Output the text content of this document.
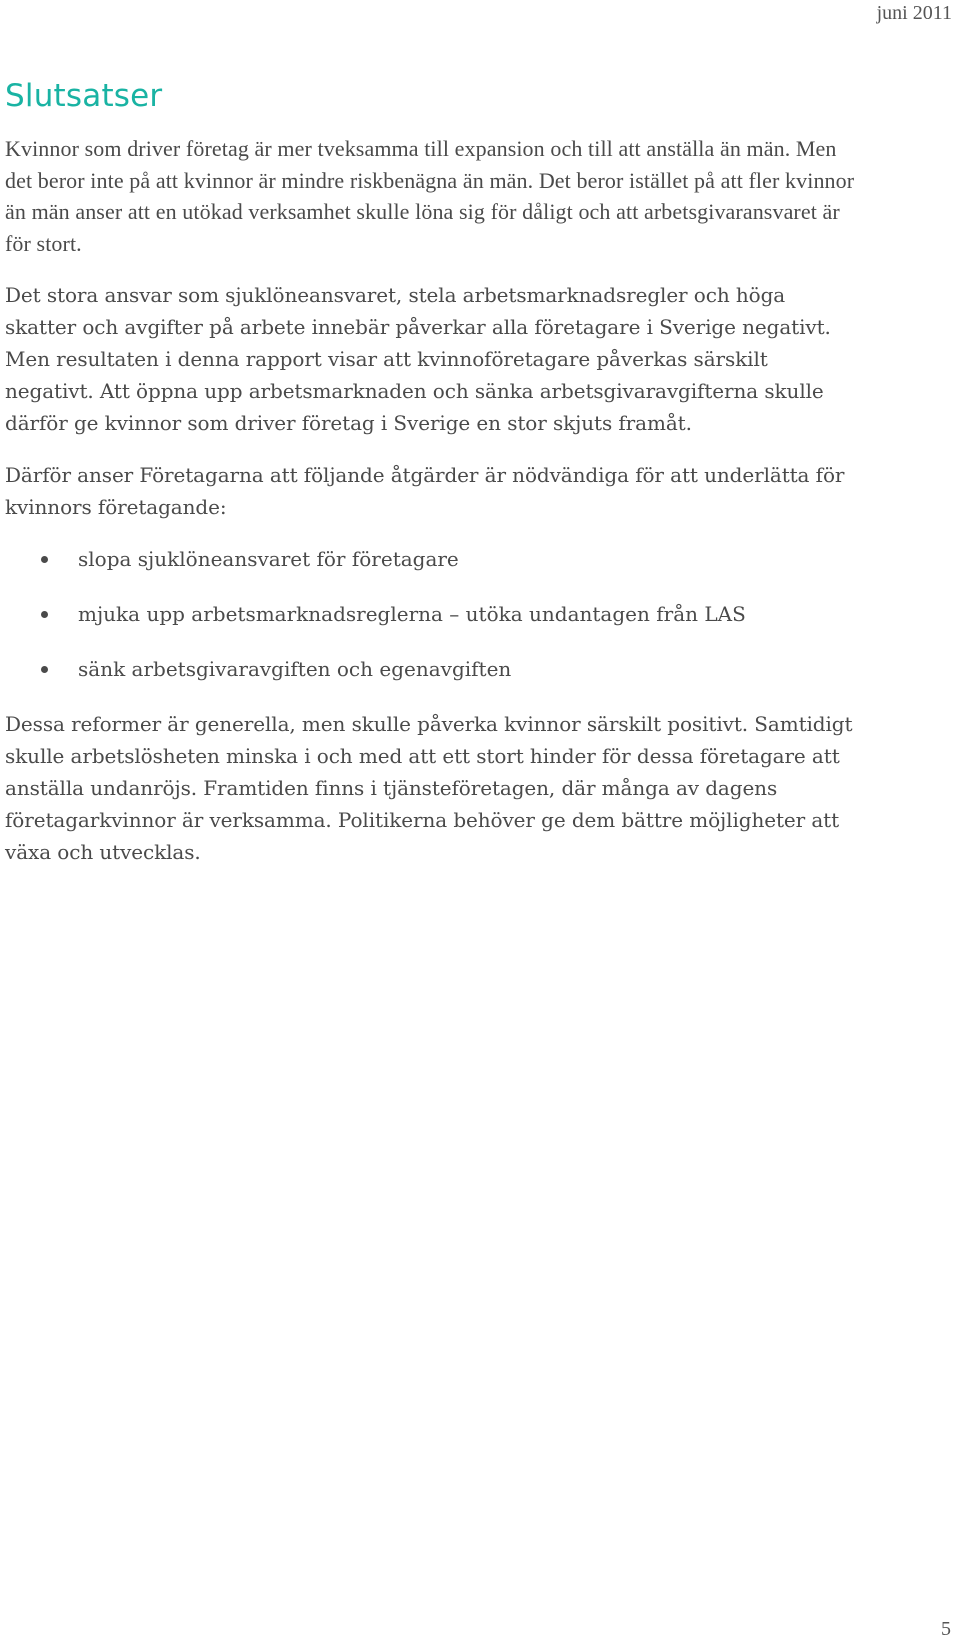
juni 2011

Slutsatser

Kvinnor som driver företag är mer tveksamma till expansion och till att anställa än män. Men det beror inte på att kvinnor är mindre riskbenägna än män. Det beror istället på att fler kvinnor än män anser att en utökad verksamhet skulle löna sig för dåligt och att arbetsgivaransvaret är för stort.

Det stora ansvar som sjuklöneansvaret, stela arbetsmarknadsregler och höga skatter och avgifter på arbete innebär påverkar alla företagare i Sverige negativt. Men resultaten i denna rapport visar att kvinnoföretagare påverkas särskilt negativt. Att öppna upp arbetsmarknaden och sänka arbetsgivaravgifterna skulle därför ge kvinnor som driver företag i Sverige en stor skjuts framåt.

Därför anser Företagarna att följande åtgärder är nödvändiga för att underlätta för kvinnors företagande:

slopa sjuklöneansvaret för företagare
mjuka upp arbetsmarknadsreglerna – utöka undantagen från LAS
sänk arbetsgivaravgiften och egenavgiften

Dessa reformer är generella, men skulle påverka kvinnor särskilt positivt. Samtidigt skulle arbetslösheten minska i och med att ett stort hinder för dessa företagare att anställa undanröjs. Framtiden finns i tjänsteföretagen, där många av dagens företagarkvinnor är verksamma. Politikerna behöver ge dem bättre möjligheter att växa och utvecklas.

5
